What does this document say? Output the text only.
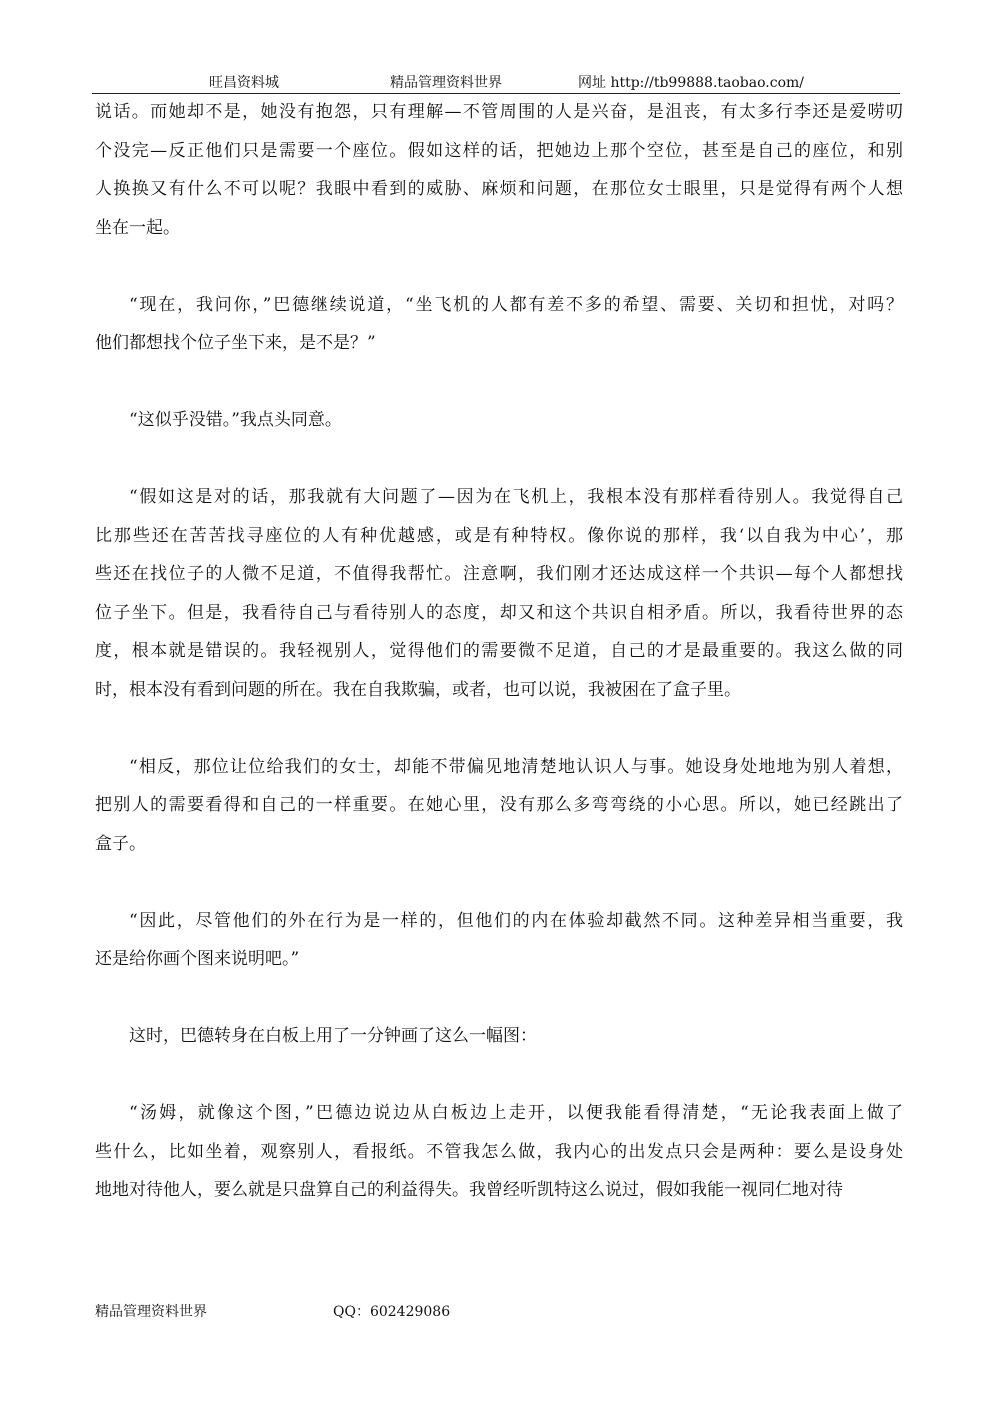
旺昌资料城	精品管理资料世界	网址 http://tb99888.taobao.com/
说话。而她却不是，她没有抱怨，只有理解—不管周围的人是兴奋，是沮丧，有太多行李还是爱唠叨
个没完—反正他们只是需要一个座位。假如这样的话，把她边上那个空位，甚至是自己的座位，和别
人换换又有什么不可以呢？我眼中看到的威胁、麻烦和问题，在那位女士眼里，只是觉得有两个人想
坐在一起。
“现在，我问你，”巴德继续说道，“坐飞机的人都有差不多的希望、需要、关切和担忧，对吗？
他们都想找个位子坐下来，是不是？”
“这似乎没错。”我点头同意。
“假如这是对的话，那我就有大问题了—因为在飞机上，我根本没有那样看待别人。我觉得自己
比那些还在苦苦找寻座位的人有种优越感，或是有种特权。像你说的那样，我‘以自我为中心’，那
些还在找位子的人微不足道，不值得我帮忙。注意啊，我们刚才还达成这样一个共识—每个人都想找
位子坐下。但是，我看待自己与看待别人的态度，却又和这个共识自相矛盾。所以，我看待世界的态
度，根本就是错误的。我轻视别人，觉得他们的需要微不足道，自己的才是最重要的。我这么做的同
时，根本没有看到问题的所在。我在自我欺骗，或者，也可以说，我被困在了盒子里。
“相反，那位让位给我们的女士，却能不带偏见地清楚地认识人与事。她设身处地地为别人着想，
把别人的需要看得和自己的一样重要。在她心里，没有那么多弯弯绕的小心思。所以，她已经跳出了
盒子。
“因此，尽管他们的外在行为是一样的，但他们的内在体验却截然不同。这种差异相当重要，我
还是给你画个图来说明吧。”
这时，巴德转身在白板上用了一分钟画了这么一幅图：
“汤姆，就像这个图，”巴德边说边从白板边上走开，以便我能看得清楚，“无论我表面上做了
些什么，比如坐着，观察别人，看报纸。不管我怎么做，我内心的出发点只会是两种：要么是设身处
地地对待他人，要么就是只盘算自己的利益得失。我曾经听凯特这么说过，假如我能一视同仁地对待
精品管理资料世界	QQ：602429086
